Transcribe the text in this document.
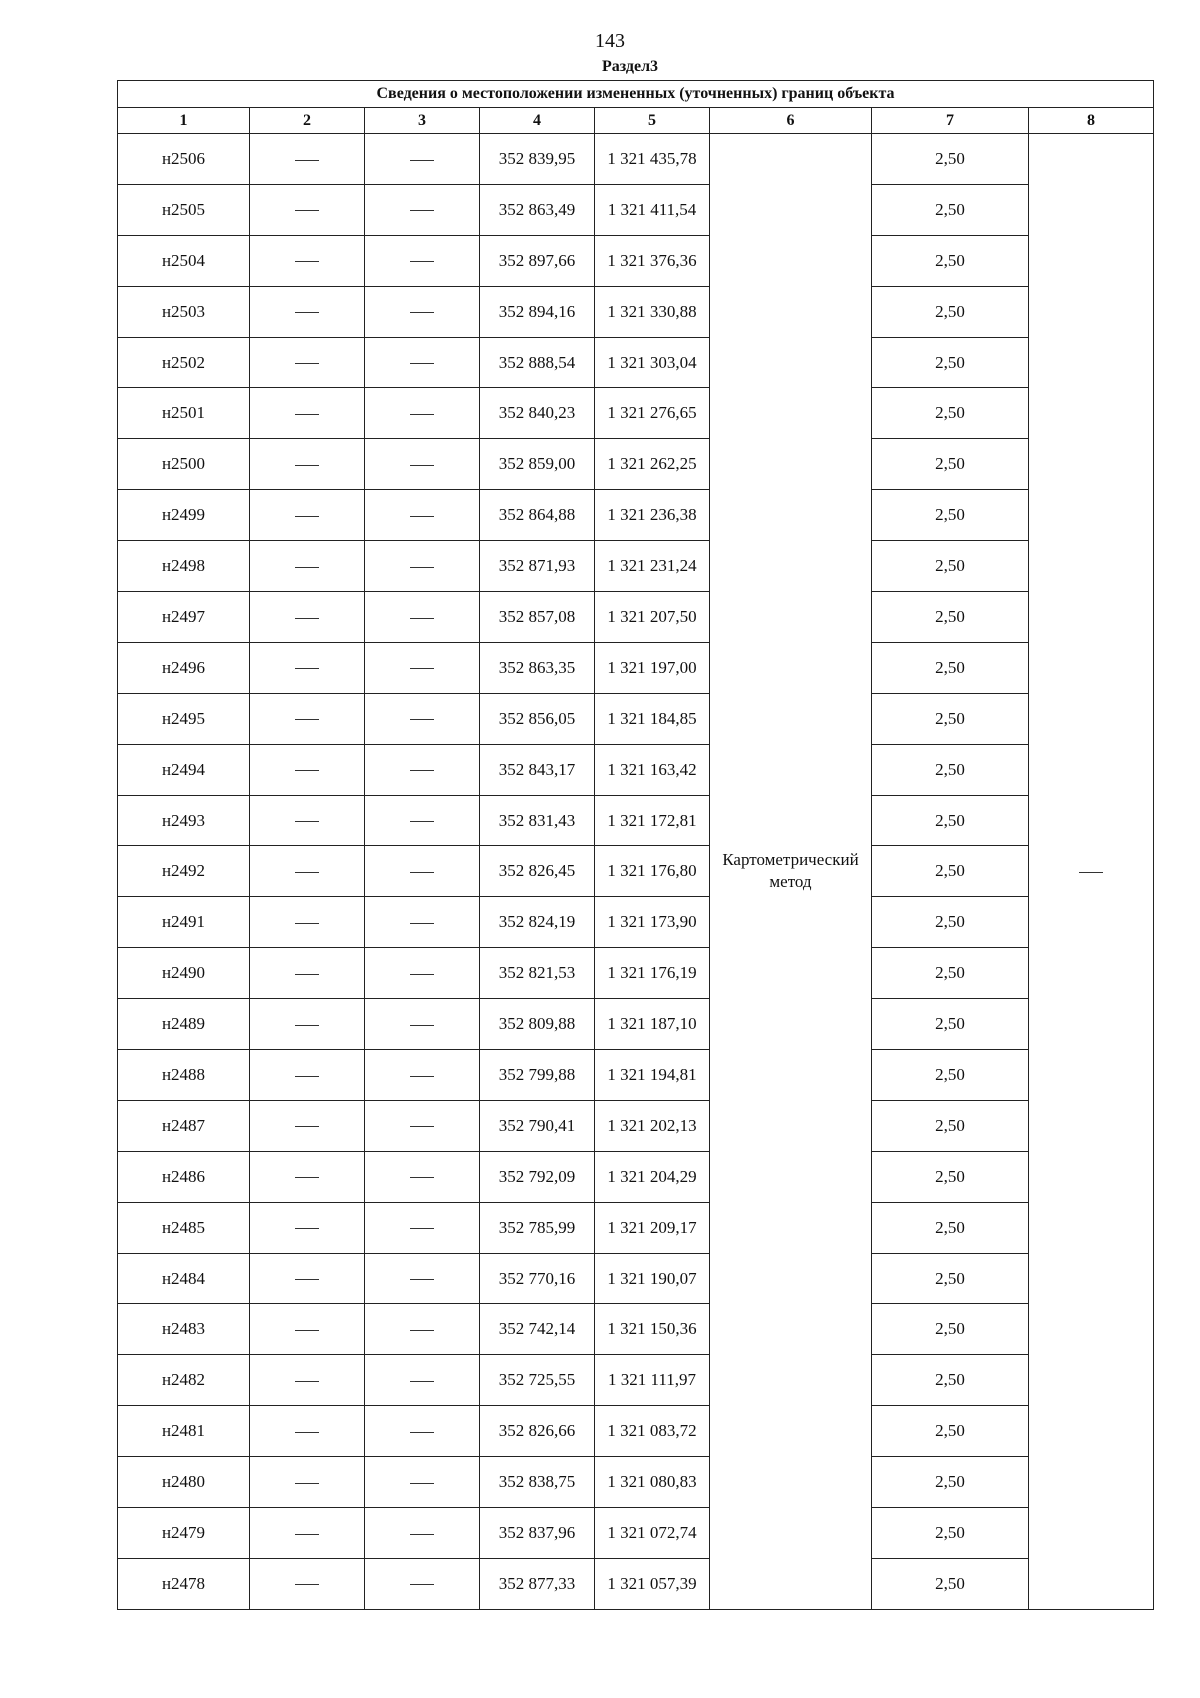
143
Раздел3
Сведения о местоположении измененных (уточненных) границ объекта							
1	2	3	4	5	6	7	8
н2506			352 839,95	1 321 435,78	Картометрический метод	2,50	
н2505			352 863,49	1 321 411,54		2,50	
н2504			352 897,66	1 321 376,36		2,50	
н2503			352 894,16	1 321 330,88		2,50	
н2502			352 888,54	1 321 303,04		2,50	
н2501			352 840,23	1 321 276,65		2,50	
н2500			352 859,00	1 321 262,25		2,50	
н2499			352 864,88	1 321 236,38		2,50	
н2498			352 871,93	1 321 231,24		2,50	
н2497			352 857,08	1 321 207,50		2,50	
н2496			352 863,35	1 321 197,00		2,50	
н2495			352 856,05	1 321 184,85		2,50	
н2494			352 843,17	1 321 163,42		2,50	
н2493			352 831,43	1 321 172,81		2,50	
н2492			352 826,45	1 321 176,80		2,50	
н2491			352 824,19	1 321 173,90		2,50	
н2490			352 821,53	1 321 176,19		2,50	
н2489			352 809,88	1 321 187,10		2,50	
н2488			352 799,88	1 321 194,81		2,50	
н2487			352 790,41	1 321 202,13		2,50	
н2486			352 792,09	1 321 204,29		2,50	
н2485			352 785,99	1 321 209,17		2,50	
н2484			352 770,16	1 321 190,07		2,50	
н2483			352 742,14	1 321 150,36		2,50	
н2482			352 725,55	1 321 111,97		2,50	
н2481			352 826,66	1 321 083,72		2,50	
н2480			352 838,75	1 321 080,83		2,50	
н2479			352 837,96	1 321 072,74		2,50	
н2478			352 877,33	1 321 057,39		2,50	
